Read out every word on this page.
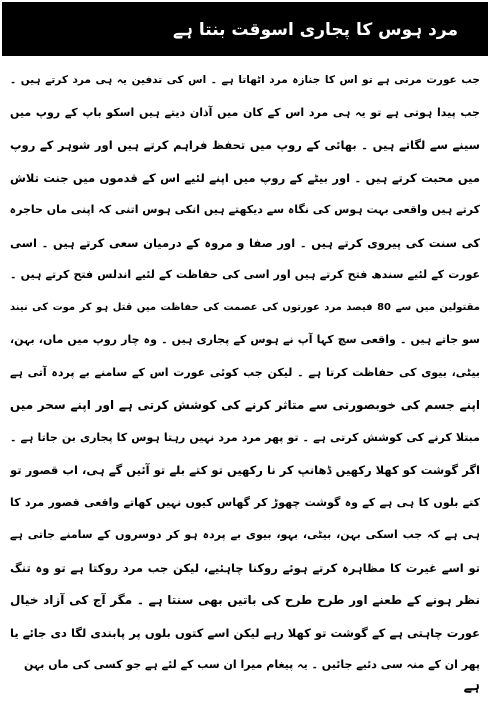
مرد ہوس کا پجاری اسوقت بنتا ہے
جب عورت مرتی ہے تو اس کا جنازہ مرد اٹھاتا ہے ۔ اس کی تدفین یہ ہی مرد کرتے ہیں ۔
جب پیدا ہوتی ہے تو یہ ہی مرد اس کے کان میں آذان دیتے ہیں اسکو باپ کے روپ میں
سینے سے لگاتے ہیں ۔ بھائی کے روپ میں تحفظ فراہم کرتے ہیں اور شوہر کے روپ
میں محبت کرتے ہیں ۔ اور بیٹے کے روپ میں اپنے لئیے اس کے قدموں میں جنت تلاش
کرتے ہیں واقعی بہت ہوس کی نگاہ سے دیکھتے ہیں انکی ہوس اتنی کہ اپنی ماں حاجرہ
کی سنت کی پیروی کرتے ہیں ۔ اور صفا و مروہ کے درمیان سعی کرتے ہیں ۔ اسی
عورت کے لئیے سندھ فتح کرتے ہیں اور اسی کی حفاظت کے لئیے اندلس فتح کرتے ہیں ۔
مقتولین میں سے 80 فیصد مرد عورتوں کی عصمت کی حفاظت میں قتل ہو کر موت کی نیند
سو جاتے ہیں ۔ واقعی سچ کہا آپ نے ہوس کے پجاری ہیں ۔ وہ چار روپ میں ماں، بہن،
بیٹی، بیوی کی حفاظت کرتا ہے ۔ لیکن جب کوئی عورت اس کے سامنے بے پردہ آتی ہے
اپنے جسم کی خوبصورتی سے متاثر کرنے کی کوشش کرتی ہے اور اپنے سحر میں
مبتلا کرنے کی کوشش کرتی ہے ۔ تو پھر مرد مرد نہیں رہتا ہوس کا پجاری بن جاتا ہے ۔
اگر گوشت کو کھلا رکھیں ڈھانپ کر نا رکھیں تو کتے بلے تو آئیں گے ہی، اب قصور تو
کتے بلوں کا ہی ہے کے وہ گوشت چھوڑ کر گھاس کیوں نہیں کھاتے واقعی قصور مرد کا
ہی ہے کہ جب اسکی بہن، بیٹی، بہو، بیوی بے پردہ ہو کر دوسروں کے سامنے جاتی ہے
تو اسے غیرت کا مظاہرہ کرتے ہوئے روکنا چاہئیے، لیکن جب مرد روکتا ہے تو وہ تنگ
نظر ہونے کے طعنے اور طرح طرح کی باتیں بھی سنتا ہے ۔ مگر آج کی آزاد خیال
عورت چاہتی ہے کے گوشت تو کھلا رہے لیکن اسے کتوں بلوں پر پابندی لگا دی جائے یا
پھر ان کے منہ سی دئیے جائیں ۔ یہ پیغام میرا ان سب کے لئے ہے جو کسی کی ماں بہن
ہے
